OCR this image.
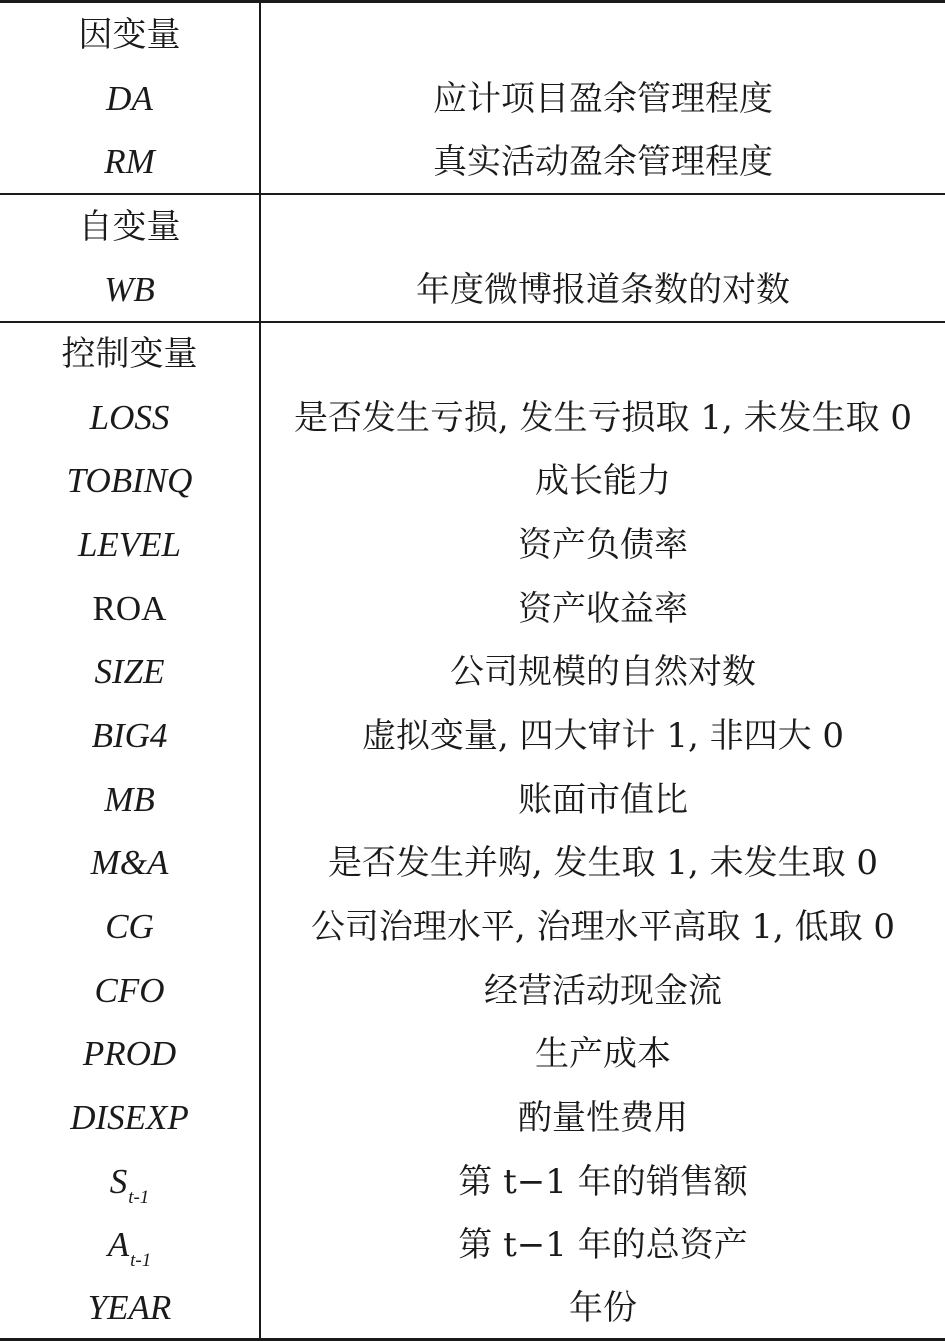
因变量
DA	应计项目盈余管理程度
RM	真实活动盈余管理程度
自变量
WB	年度微博报道条数的对数
控制变量
LOSS	是否发生亏损, 发生亏损取 1, 未发生取 0
TOBINQ	成长能力
LEVEL	资产负债率
ROA	资产收益率
SIZE	公司规模的自然对数
BIG4	虚拟变量, 四大审计 1, 非四大 0
MB	账面市值比
M&A	是否发生并购, 发生取 1, 未发生取 0
CG	公司治理水平, 治理水平高取 1, 低取 0
CFO	经营活动现金流
PROD	生产成本
DISEXP	酌量性费用
$S_{t-1}$	第 t−1 年的销售额
$A_{t-1}$	第 t−1 年的总资产
YEAR	年份
